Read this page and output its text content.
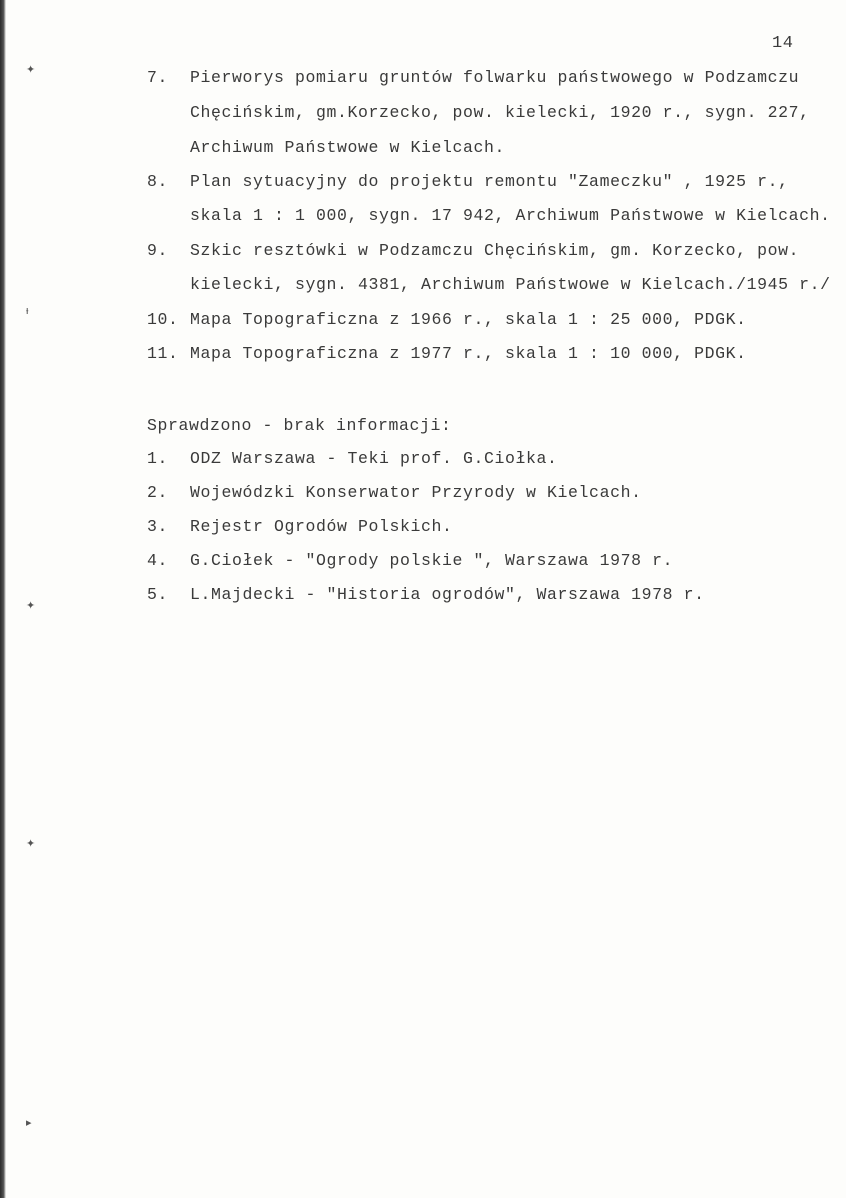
✦
ᵼ
✦
✦
▸
14
7. Pierworys pomiaru gruntów folwarku państwowego w Podzamczu
Chęcińskim, gm.Korzecko, pow. kielecki, 1920 r., sygn. 227,
Archiwum Państwowe w Kielcach.
8. Plan sytuacyjny do projektu remontu "Zameczku" , 1925 r.,
skala 1 : 1 000, sygn. 17 942, Archiwum Państwowe w Kielcach.
9. Szkic resztówki w Podzamczu Chęcińskim, gm. Korzecko, pow.
kielecki, sygn. 4381, Archiwum Państwowe w Kielcach./1945 r./
10. Mapa Topograficzna z 1966 r., skala 1 : 25 000, PDGK.
11. Mapa Topograficzna z 1977 r., skala 1 : 10 000, PDGK.
Sprawdzono - brak informacji:
1. ODZ Warszawa - Teki prof. G.Ciołka.
2. Wojewódzki Konserwator Przyrody w Kielcach.
3. Rejestr Ogrodów Polskich.
4. G.Ciołek - "Ogrody polskie ", Warszawa 1978 r.
5. L.Majdecki - "Historia ogrodów", Warszawa 1978 r.
